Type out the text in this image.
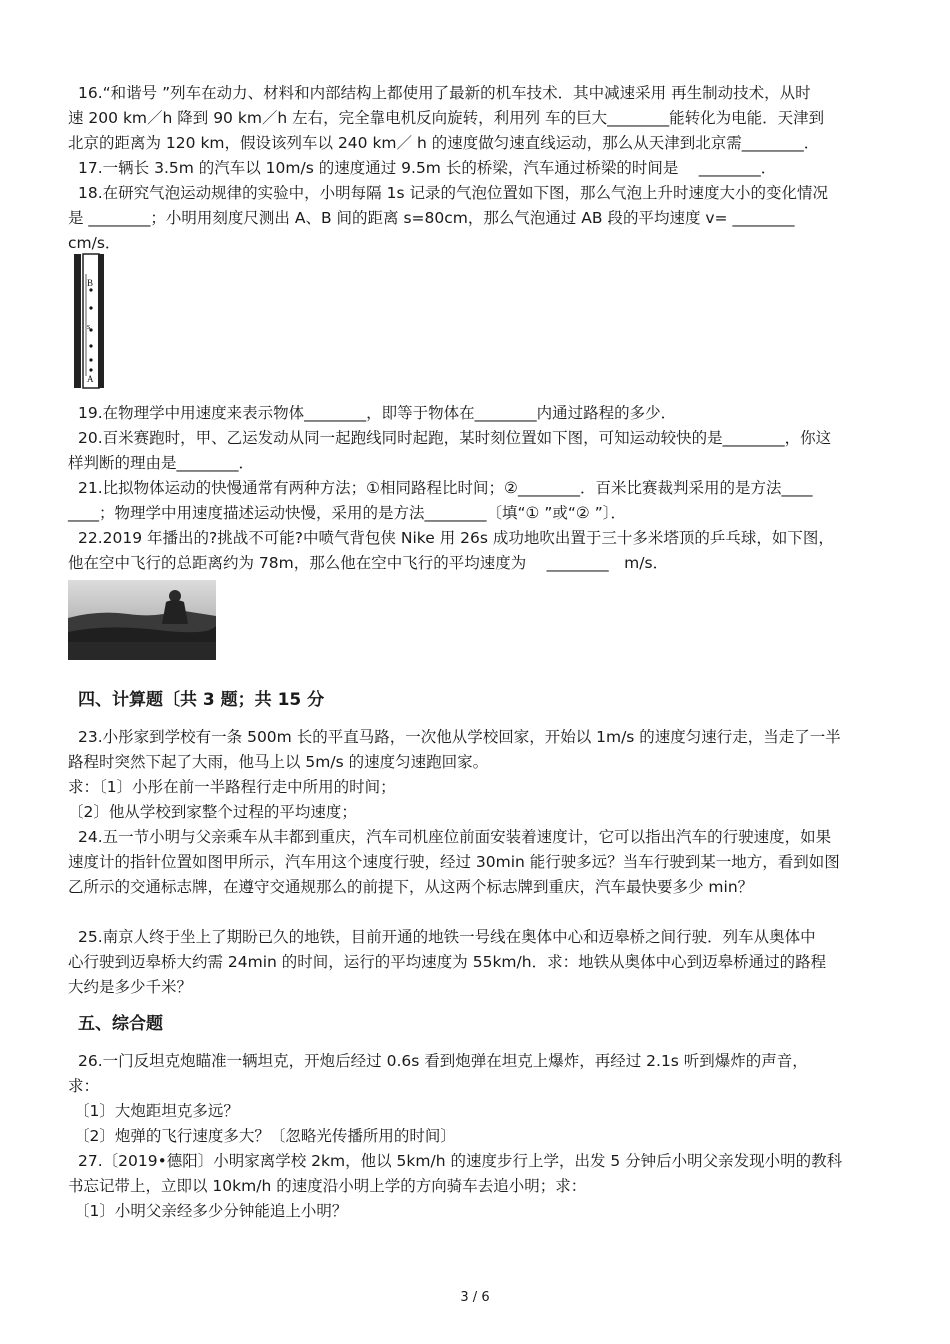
16.“和谐号 ”列车在动力、材料和内部结构上都使用了最新的机车技术．其中减速采用 再生制动技术，从时
速 200 km／h 降到 90 km／h 左右，完全靠电机反向旋转，利用列 车的巨大________能转化为电能．天津到
北京的距离为 120 km，假设该列车以 240 km／ h 的速度做匀速直线运动，那么从天津到北京需________．
17.一辆长 3.5m 的汽车以 10m/s 的速度通过 9.5m 长的桥梁，汽车通过桥梁的时间是　 ________．
18.在研究气泡运动规律的实验中，小明每隔 1s 记录的气泡位置如下图，那么气泡上升时速度大小的变化情况
是 ________；小明用刻度尺测出 A、B 间的距离 s=80cm，那么气泡通过 AB 段的平均速度 v= ________
cm/s．
B
s
A
19.在物理学中用速度来表示物体________，即等于物体在________内通过路程的多少．
20.百米赛跑时，甲、乙运发动从同一起跑线同时起跑，某时刻位置如下图，可知运动较快的是________，你这
样判断的理由是________．
21.比拟物体运动的快慢通常有两种方法；①相同路程比时间；②________．百米比赛裁判采用的是方法____
____；物理学中用速度描述运动快慢，采用的是方法________〔填“① ”或“② ”〕．
22.2019 年播出的?挑战不可能?中喷气背包侠 Nike 用 26s 成功地吹出置于三十多米塔顶的乒乓球，如下图，
他在空中飞行的总距离约为 78m，那么他在空中飞行的平均速度为　 ________　m/s．
四、计算题〔共 3 题；共 15 分
23.小彤家到学校有一条 500m 长的平直马路，一次他从学校回家，开始以 1m/s 的速度匀速行走，当走了一半
路程时突然下起了大雨，他马上以 5m/s 的速度匀速跑回家。
求：〔1〕小彤在前一半路程行走中所用的时间；
〔2〕他从学校到家整个过程的平均速度；
24.五一节小明与父亲乘车从丰都到重庆，汽车司机座位前面安装着速度计，它可以指出汽车的行驶速度，如果
速度计的指针位置如图甲所示，汽车用这个速度行驶，经过 30min 能行驶多远？当车行驶到某一地方，看到如图
乙所示的交通标志牌，在遵守交通规那么的前提下，从这两个标志牌到重庆，汽车最快要多少 min？
25.南京人终于坐上了期盼已久的地铁，目前开通的地铁一号线在奥体中心和迈皋桥之间行驶．列车从奥体中
心行驶到迈皋桥大约需 24min 的时间，运行的平均速度为 55km/h．求：地铁从奥体中心到迈皋桥通过的路程
大约是多少千米？
五、综合题
26.一门反坦克炮瞄准一辆坦克，开炮后经过 0.6s 看到炮弹在坦克上爆炸，再经过 2.1s 听到爆炸的声音，
求：
〔1〕大炮距坦克多远？
〔2〕炮弹的飞行速度多大？〔忽略光传播所用的时间〕
27.〔2019•德阳〕小明家离学校 2km，他以 5km/h 的速度步行上学，出发 5 分钟后小明父亲发现小明的教科
书忘记带上，立即以 10km/h 的速度沿小明上学的方向骑车去追小明；求：
〔1〕小明父亲经多少分钟能追上小明？
3 / 6
